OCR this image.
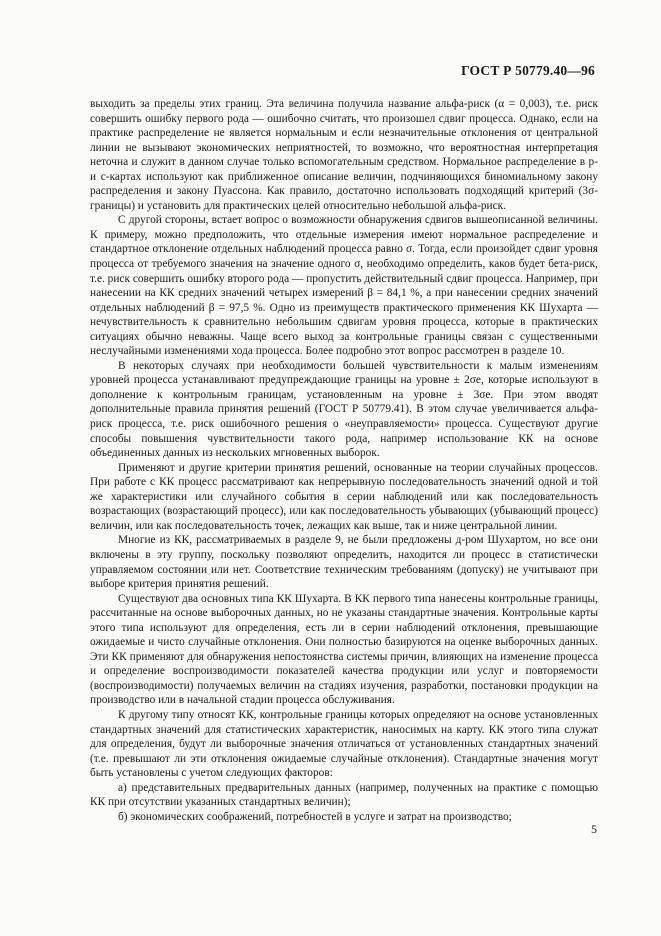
ГОСТ Р 50779.40—96

выходить за пределы этих границ. Эта величина получила название альфа-риск (α = 0,003), т.е. риск совершить ошибку первого рода — ошибочно считать, что произошел сдвиг процесса. Однако, если на практике распределение не является нормальным и если незначительные отклонения от центральной линии не вызывают экономических неприятностей, то возможно, что вероятностная интерпретация неточна и служит в данном случае только вспомогательным средством. Нормальное распределение в p- и c-картах используют как приближенное описание величин, подчиняющихся биномиальному закону распределения и закону Пуассона. Как правило, достаточно использовать подходящий критерий (3σ-границы) и установить для практических целей относительно небольшой альфа-риск.

С другой стороны, встает вопрос о возможности обнаружения сдвигов вышеописанной величины. К примеру, можно предположить, что отдельные измерения имеют нормальное распределение и стандартное отклонение отдельных наблюдений процесса равно σ. Тогда, если произойдет сдвиг уровня процесса от требуемого значения на значение одного σ, необходимо определить, каков будет бета-риск, т.е. риск совершить ошибку второго рода — пропустить действительный сдвиг процесса. Например, при нанесении на КК средних значений четырех измерений β = 84,1 %, а при нанесении средних значений отдельных наблюдений β = 97,5 %. Одно из преимуществ практического применения КК Шухарта — нечувствительность к сравнительно небольшим сдвигам уровня процесса, которые в практических ситуациях обычно неважны. Чаще всего выход за контрольные границы связан с существенными неслучайными изменениями хода процесса. Более подробно этот вопрос рассмотрен в разделе 10.

В некоторых случаях при необходимости большей чувствительности к малым изменениям уровней процесса устанавливают предупреждающие границы на уровне ± 2σe, которые используют в дополнение к контрольным границам, установленным на уровне ± 3σe. При этом вводят дополнительные правила принятия решений (ГОСТ Р 50779.41). В этом случае увеличивается альфа-риск процесса, т.е. риск ошибочного решения о «неуправляемости» процесса. Существуют другие способы повышения чувствительности такого рода, например использование КК на основе объединенных данных из нескольких мгновенных выборок.

Применяют и другие критерии принятия решений, основанные на теории случайных процессов. При работе с КК процесс рассматривают как непрерывную последовательность значений одной и той же характеристики или случайного события в серии наблюдений или как последовательность возрастающих (возрастающий процесс), или как последовательность убывающих (убывающий процесс) величин, или как последовательность точек, лежащих как выше, так и ниже центральной линии.

Многие из КК, рассматриваемых в разделе 9, не были предложены д-ром Шухартом, но все они включены в эту группу, поскольку позволяют определить, находится ли процесс в статистически управляемом состоянии или нет. Соответствие техническим требованиям (допуску) не учитывают при выборе критерия принятия решений.

Существуют два основных типа КК Шухарта. В КК первого типа нанесены контрольные границы, рассчитанные на основе выборочных данных, но не указаны стандартные значения. Контрольные карты этого типа используют для определения, есть ли в серии наблюдений отклонения, превышающие ожидаемые и чисто случайные отклонения. Они полностью базируются на оценке выборочных данных. Эти КК применяют для обнаружения непостоянства системы причин, влияющих на изменение процесса и определение воспроизводимости показателей качества продукции или услуг и повторяемости (воспроизводимости) получаемых величин на стадиях изучения, разработки, постановки продукции на производство или в начальной стадии процесса обслуживания.

К другому типу относят КК, контрольные границы которых определяют на основе установленных стандартных значений для статистических характеристик, наносимых на карту. КК этого типа служат для определения, будут ли выборочные значения отличаться от установленных стандартных значений (т.е. превышают ли эти отклонения ожидаемые случайные отклонения). Стандартные значения могут быть установлены с учетом следующих факторов:

а) представительных предварительных данных (например, полученных на практике с помощью КК при отсутствии указанных стандартных величин);

б) экономических соображений, потребностей в услуге и затрат на производство;

5
